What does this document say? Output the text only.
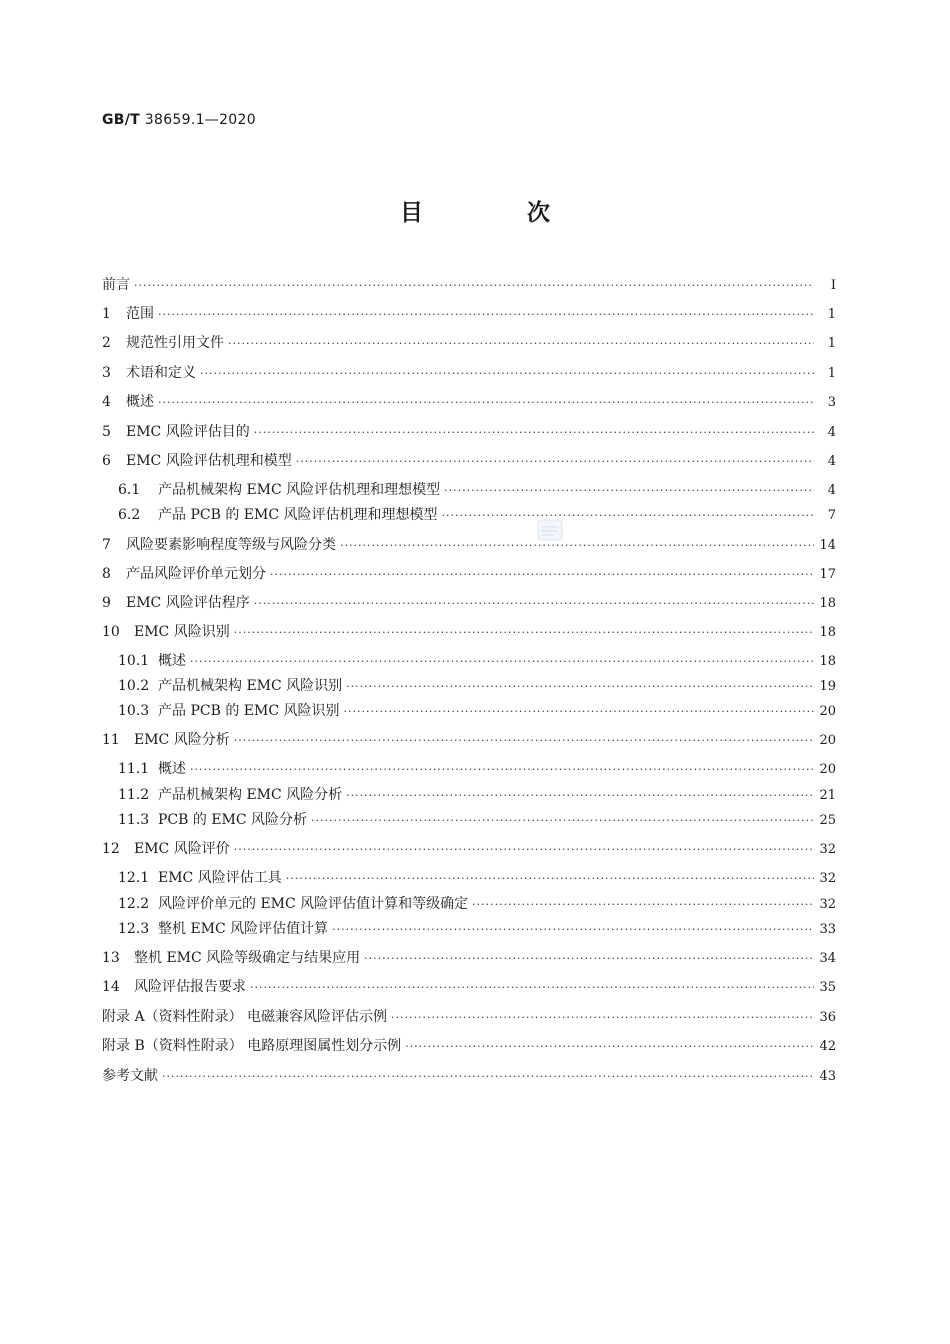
GB/T 38659.1—2020
目 次
前言 ·····	Ⅰ
1	范围 ·····	1
2	规范性引用文件 ·····	1
3	术语和定义 ·····	1
4	概述 ·····	3
5	EMC 风险评估目的 ·····	4
6	EMC 风险评估机理和模型 ·····	4
6.1	产品机械架构 EMC 风险评估机理和理想模型 ·····	4
6.2	产品 PCB 的 EMC 风险评估机理和理想模型 ·····	7
7	风险要素影响程度等级与风险分类 ·····	14
8	产品风险评价单元划分 ·····	17
9	EMC 风险评估程序 ·····	18
10	EMC 风险识别 ·····	18
10.1 概述 ·····	18
10.2 产品机械架构 EMC 风险识别 ·····	19
10.3 产品 PCB 的 EMC 风险识别 ·····	20
11	EMC 风险分析 ·····	20
11.1 概述 ·····	20
11.2 产品机械架构 EMC 风险分析 ·····	21
11.3 PCB 的 EMC 风险分析 ·····	25
12	EMC 风险评价 ·····	32
12.1 EMC 风险评估工具 ·····	32
12.2 风险评价单元的 EMC 风险评估值计算和等级确定 ·····	32
12.3 整机 EMC 风险评估值计算 ·····	33
13	整机 EMC 风险等级确定与结果应用 ·····	34
14	风险评估报告要求 ·····	35
附录 A（资料性附录） 电磁兼容风险评估示例 ·····	36
附录 B（资料性附录） 电路原理图属性划分示例 ·····	42
参考文献 ·····	43
